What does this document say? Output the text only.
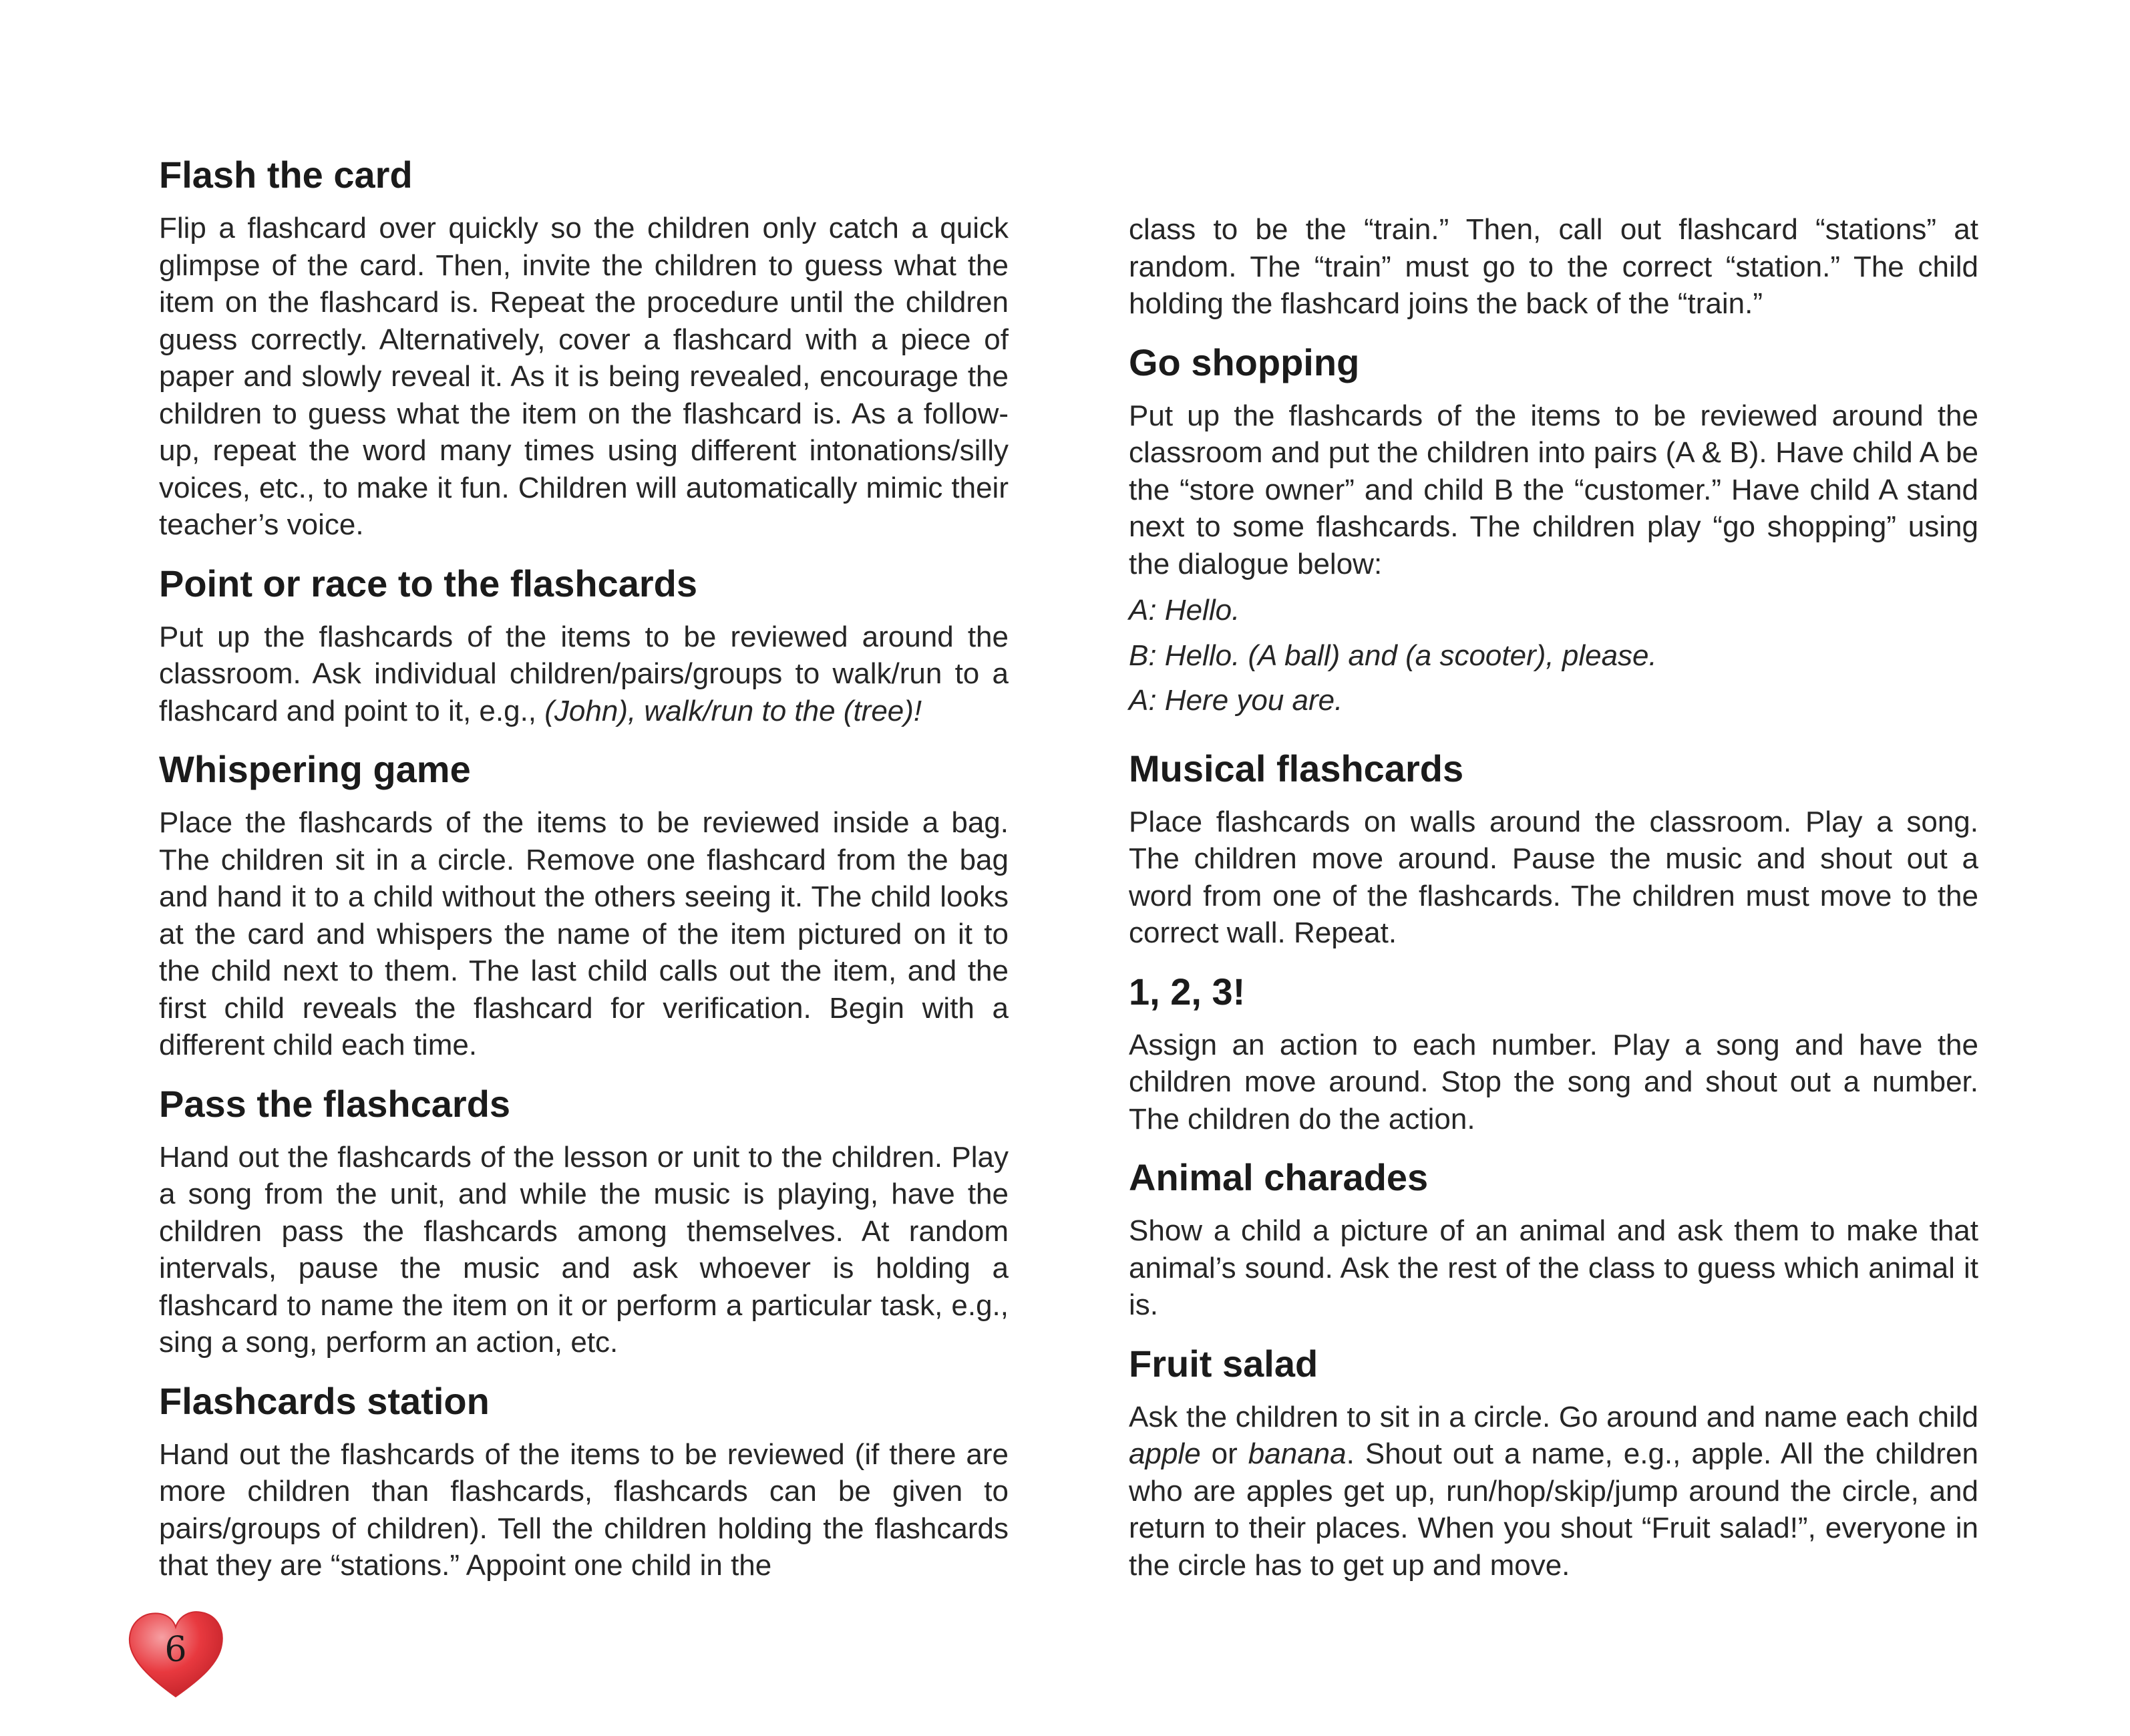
Flash the card

Flip a flashcard over quickly so the children only catch a quick glimpse of the card. Then, invite the children to guess what the item on the flashcard is. Repeat the procedure until the children guess correctly. Alternatively, cover a flashcard with a piece of paper and slowly reveal it. As it is being revealed, encourage the children to guess what the item on the flashcard is. As a follow-up, repeat the word many times using different intonations/silly voices, etc., to make it fun. Children will automatically mimic their teacher’s voice.

Point or race to the flashcards

Put up the flashcards of the items to be reviewed around the classroom. Ask individual children/pairs/groups to walk/run to a flashcard and point to it, e.g., (John), walk/run to the (tree)!

Whispering game

Place the flashcards of the items to be reviewed inside a bag. The children sit in a circle. Remove one flashcard from the bag and hand it to a child without the others seeing it. The child looks at the card and whispers the name of the item pictured on it to the child next to them. The last child calls out the item, and the first child reveals the flashcard for verification. Begin with a different child each time.

Pass the flashcards

Hand out the flashcards of the lesson or unit to the children. Play a song from the unit, and while the music is playing, have the children pass the flashcards among themselves. At random intervals, pause the music and ask whoever is holding a flashcard to name the item on it or perform a particular task, e.g., sing a song, perform an action, etc.

Flashcards station

Hand out the flashcards of the items to be reviewed (if there are more children than flashcards, flashcards can be given to pairs/groups of children). Tell the children holding the flashcards that they are “stations.” Appoint one child in the

class to be the “train.” Then, call out flashcard “stations” at random. The “train” must go to the correct “station.” The child holding the flashcard joins the back of the “train.”

Go shopping

Put up the flashcards of the items to be reviewed around the classroom and put the children into pairs (A & B). Have child A be the “store owner” and child B the “customer.” Have child A stand next to some flashcards. The children play “go shopping” using the dialogue below:

A: Hello.

B: Hello. (A ball) and (a scooter), please.

A: Here you are.

Musical flashcards

Place flashcards on walls around the classroom. Play a song. The children move around. Pause the music and shout out a word from one of the flashcards. The children must move to the correct wall. Repeat.

1, 2, 3!

Assign an action to each number. Play a song and have the children move around. Stop the song and shout out a number. The children do the action.

Animal charades

Show a child a picture of an animal and ask them to make that animal’s sound. Ask the rest of the class to guess which animal it is.

Fruit salad

Ask the children to sit in a circle. Go around and name each child apple or banana. Shout out a name, e.g., apple. All the children who are apples get up, run/hop/skip/jump around the circle, and return to their places. When you shout “Fruit salad!”, everyone in the circle has to get up and move.

6
